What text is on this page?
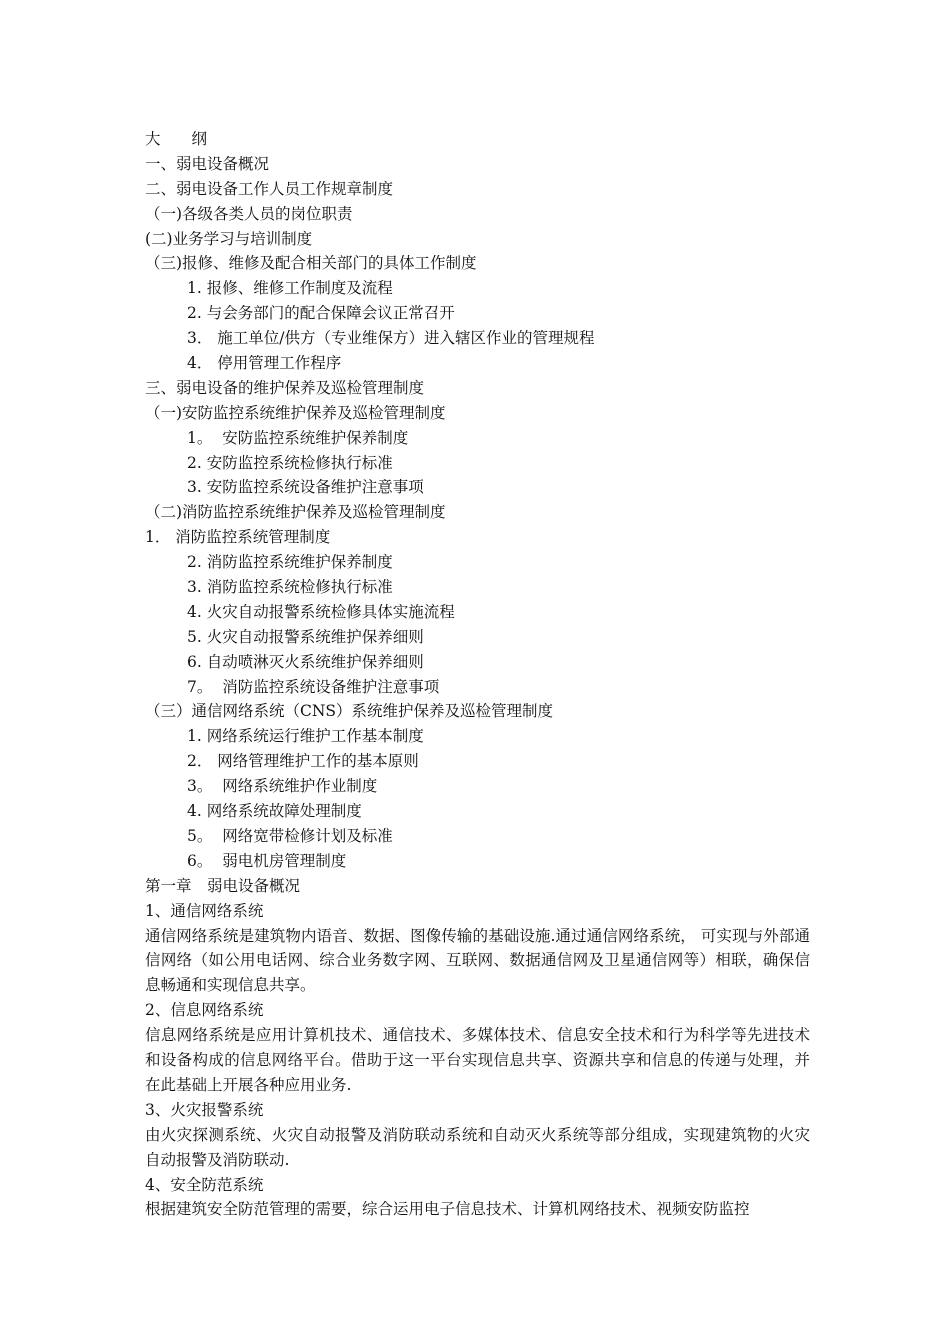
大　　纲
一、弱电设备概况
二、弱电设备工作人员工作规章制度
（一)各级各类人员的岗位职责
(二)业务学习与培训制度
（三)报修、维修及配合相关部门的具体工作制度
1. 报修、维修工作制度及流程
2. 与会务部门的配合保障会议正常召开
3． 施工单位/供方（专业维保方）进入辖区作业的管理规程
4． 停用管理工作程序
三、弱电设备的维护保养及巡检管理制度
（一)安防监控系统维护保养及巡检管理制度
1。  安防监控系统维护保养制度
2. 安防监控系统检修执行标准
3. 安防监控系统设备维护注意事项
（二)消防监控系统维护保养及巡检管理制度
1． 消防监控系统管理制度
2. 消防监控系统维护保养制度
3. 消防监控系统检修执行标准
4. 火灾自动报警系统检修具体实施流程
5. 火灾自动报警系统维护保养细则
6. 自动喷淋灭火系统维护保养细则
7。  消防监控系统设备维护注意事项
（三）通信网络系统（CNS）系统维护保养及巡检管理制度
1. 网络系统运行维护工作基本制度
2． 网络管理维护工作的基本原则
3。  网络系统维护作业制度
4. 网络系统故障处理制度
5。  网络宽带检修计划及标准
6。  弱电机房管理制度
第一章　弱电设备概况
1、通信网络系统
通信网络系统是建筑物内语音、数据、图像传输的基础设施.通过通信网络系统， 可实现与外部通信网络（如公用电话网、综合业务数字网、互联网、数据通信网及卫星通信网等）相联，确保信息畅通和实现信息共享。
2、信息网络系统
信息网络系统是应用计算机技术、通信技术、多媒体技术、信息安全技术和行为科学等先进技术和设备构成的信息网络平台。借助于这一平台实现信息共享、资源共享和信息的传递与处理，并在此基础上开展各种应用业务.
3、火灾报警系统
由火灾探测系统、火灾自动报警及消防联动系统和自动灭火系统等部分组成，实现建筑物的火灾自动报警及消防联动.
4、安全防范系统
根据建筑安全防范管理的需要，综合运用电子信息技术、计算机网络技术、视频安防监控
